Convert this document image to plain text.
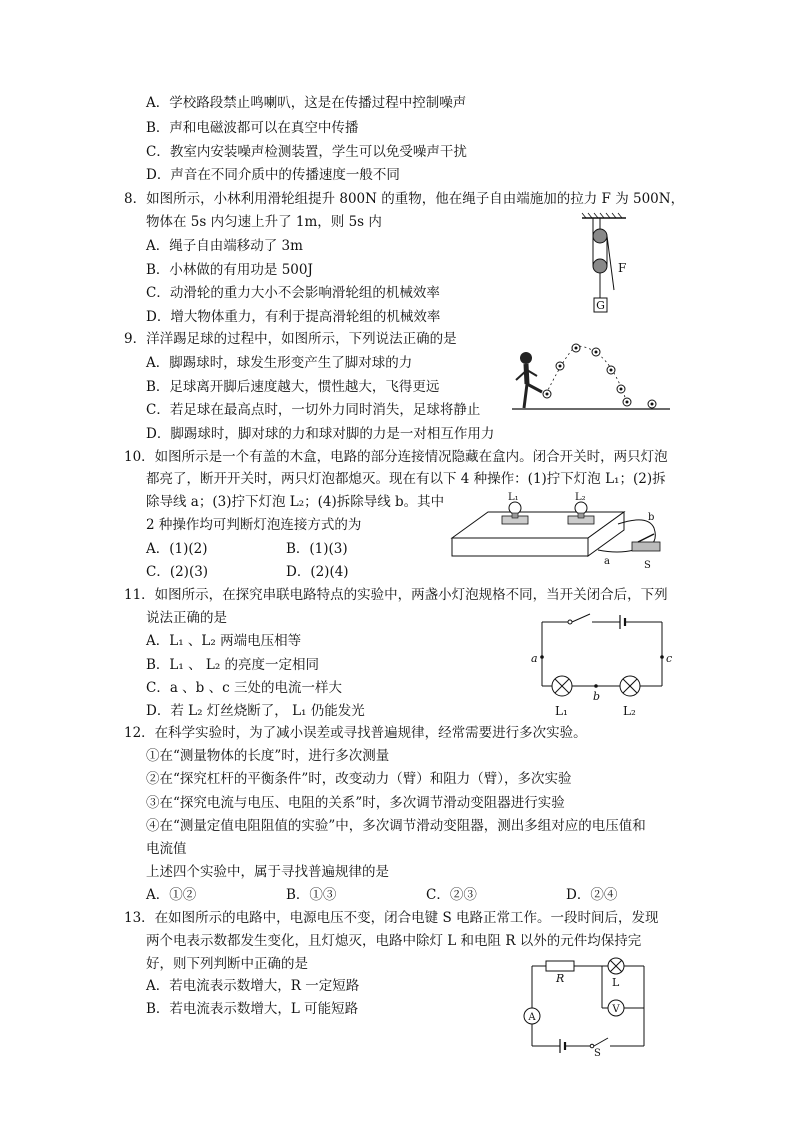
A．学校路段禁止鸣喇叭，这是在传播过程中控制噪声
B．声和电磁波都可以在真空中传播
C．教室内安装噪声检测装置，学生可以免受噪声干扰
D．声音在不同介质中的传播速度一般不同
8．如图所示，小林利用滑轮组提升 800N 的重物，他在绳子自由端施加的拉力 F 为 500N，
物体在 5s 内匀速上升了 1m，则 5s 内
A．绳子自由端移动了 3m
B．小林做的有用功是 500J
C．动滑轮的重力大小不会影响滑轮组的机械效率
D．增大物体重力，有利于提高滑轮组的机械效率
G
F
9．洋洋踢足球的过程中，如图所示，下列说法正确的是
A．脚踢球时，球发生形变产生了脚对球的力
B．足球离开脚后速度越大，惯性越大，飞得更远
C．若足球在最高点时，一切外力同时消失，足球将静止
D．脚踢球时，脚对球的力和球对脚的力是一对相互作用力
10．如图所示是一个有盖的木盒，电路的部分连接情况隐藏在盒内。闭合开关时，两只灯泡
都亮了，断开开关时，两只灯泡都熄灭。现在有以下 4 种操作：(1)拧下灯泡 L₁；(2)拆
除导线 a；(3)拧下灯泡 L₂；(4)拆除导线 b。其中
2 种操作均可判断灯泡连接方式的为
A．(1)(2)	B．(1)(3)
C．(2)(3)	D．(2)(4)
L₁	L₂
b
a	S
11．如图所示，在探究串联电路特点的实验中，两盏小灯泡规格不同，当开关闭合后，下列
说法正确的是
A．L₁ 、L₂ 两端电压相等
B．L₁ 、 L₂ 的亮度一定相同
C．a 、b 、c 三处的电流一样大
D．若 L₂ 灯丝烧断了， L₁ 仍能发光
a	c
b
L₁	L₂
12．在科学实验时，为了减小误差或寻找普遍规律，经常需要进行多次实验。
①在“测量物体的长度”时，进行多次测量
②在“探究杠杆的平衡条件”时，改变动力（臂）和阻力（臂），多次实验
③在“探究电流与电压、电阻的关系”时，多次调节滑动变阻器进行实验
④在“测量定值电阻阻值的实验”中，多次调节滑动变阻器，测出多组对应的电压值和
电流值
上述四个实验中，属于寻找普遍规律的是
A．①②	B．①③	C．②③	D．②④
13．在如图所示的电路中，电源电压不变，闭合电键 S 电路正常工作。一段时间后，发现
两个电表示数都发生变化，且灯熄灭，电路中除灯 L 和电阻 R 以外的元件均保持完
好，则下列判断中正确的是
A．若电流表示数增大，R 一定短路
B．若电流表示数增大，L 可能短路
R	L
V
A
S
